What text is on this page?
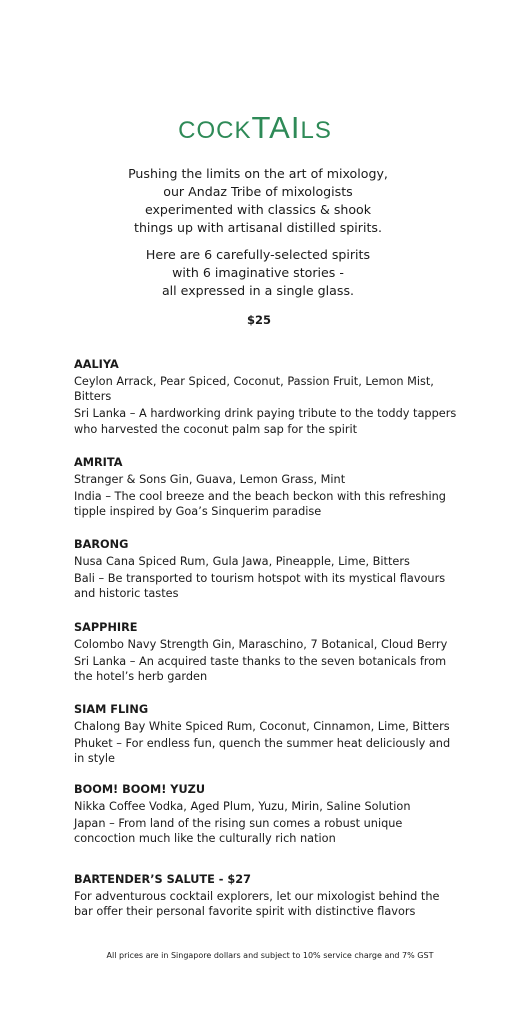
COCKTAILS
Pushing the limits on the art of mixology,
our Andaz Tribe of mixologists
experimented with classics & shook
things up with artisanal distilled spirits.
Here are 6 carefully-selected spirits
with 6 imaginative stories -
all expressed in a single glass.

$25

AALIYA
Ceylon Arrack, Pear Spiced, Coconut, Passion Fruit, Lemon Mist,
Bitters
Sri Lanka – A hardworking drink paying tribute to the toddy tappers
who harvested the coconut palm sap for the spirit
AMRITA
Stranger & Sons Gin, Guava, Lemon Grass, Mint
India – The cool breeze and the beach beckon with this refreshing
tipple inspired by Goa’s Sinquerim paradise
BARONG
Nusa Cana Spiced Rum, Gula Jawa, Pineapple, Lime, Bitters
Bali – Be transported to tourism hotspot with its mystical flavours
and historic tastes
SAPPHIRE
Colombo Navy Strength Gin, Maraschino, 7 Botanical, Cloud Berry
Sri Lanka – An acquired taste thanks to the seven botanicals from
the hotel’s herb garden
SIAM FLING
Chalong Bay White Spiced Rum, Coconut, Cinnamon, Lime, Bitters
Phuket – For endless fun, quench the summer heat deliciously and
in style
BOOM! BOOM! YUZU
Nikka Coffee Vodka, Aged Plum, Yuzu, Mirin, Saline Solution
Japan – From land of the rising sun comes a robust unique
concoction much like the culturally rich nation
BARTENDER’S SALUTE - $27
For adventurous cocktail explorers, let our mixologist behind the
bar offer their personal favorite spirit with distinctive flavors

All prices are in Singapore dollars and subject to 10% service charge and 7% GST
